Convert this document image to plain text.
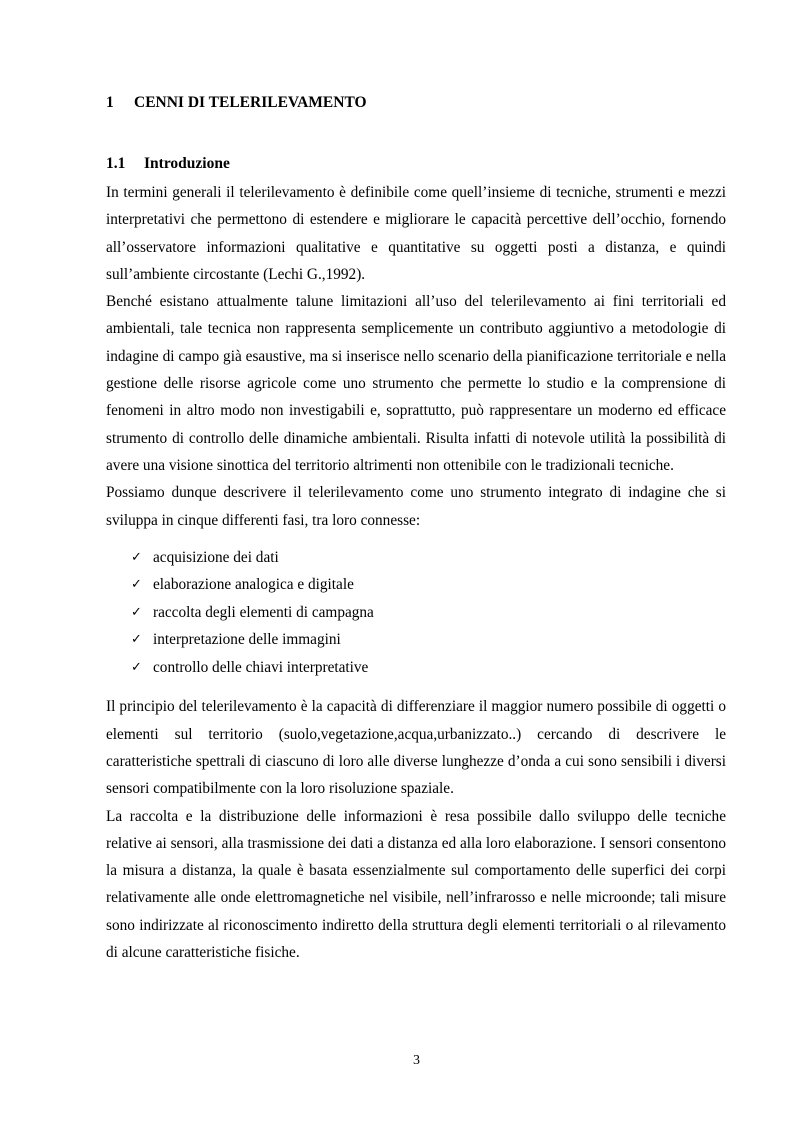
1 CENNI DI TELERILEVAMENTO
1.1 Introduzione

In termini generali il telerilevamento è definibile come quell’insieme di tecniche, strumenti e mezzi interpretativi che permettono di estendere e migliorare le capacità percettive dell’occhio, fornendo all’osservatore informazioni qualitative e quantitative su oggetti posti a distanza, e quindi sull’ambiente circostante (Lechi G.,1992).

Benché esistano attualmente talune limitazioni all’uso del telerilevamento ai fini territoriali ed ambientali, tale tecnica non rappresenta semplicemente un contributo aggiuntivo a metodologie di indagine di campo già esaustive, ma si inserisce nello scenario della pianificazione territoriale e nella gestione delle risorse agricole come uno strumento che permette lo studio e la comprensione di fenomeni in altro modo non investigabili e, soprattutto, può rappresentare un moderno ed efficace strumento di controllo delle dinamiche ambientali. Risulta infatti di notevole utilità la possibilità di avere una visione sinottica del territorio altrimenti non ottenibile con le tradizionali tecniche.

Possiamo dunque descrivere il telerilevamento come uno strumento integrato di indagine che si sviluppa in cinque differenti fasi, tra loro connesse:

✓ acquisizione dei dati
✓ elaborazione analogica e digitale
✓ raccolta degli elementi di campagna
✓ interpretazione delle immagini
✓ controllo delle chiavi interpretative

Il principio del telerilevamento è la capacità di differenziare il maggior numero possibile di oggetti o elementi sul territorio (suolo,vegetazione,acqua,urbanizzato..) cercando di descrivere le caratteristiche spettrali di ciascuno di loro alle diverse lunghezze d’onda a cui sono sensibili i diversi sensori compatibilmente con la loro risoluzione spaziale.

La raccolta e la distribuzione delle informazioni è resa possibile dallo sviluppo delle tecniche relative ai sensori, alla trasmissione dei dati a distanza ed alla loro elaborazione. I sensori consentono la misura a distanza, la quale è basata essenzialmente sul comportamento delle superfici dei corpi relativamente alle onde elettromagnetiche nel visibile, nell’infrarosso e nelle microonde; tali misure sono indirizzate al riconoscimento indiretto della struttura degli elementi territoriali o al rilevamento di alcune caratteristiche fisiche.

3
